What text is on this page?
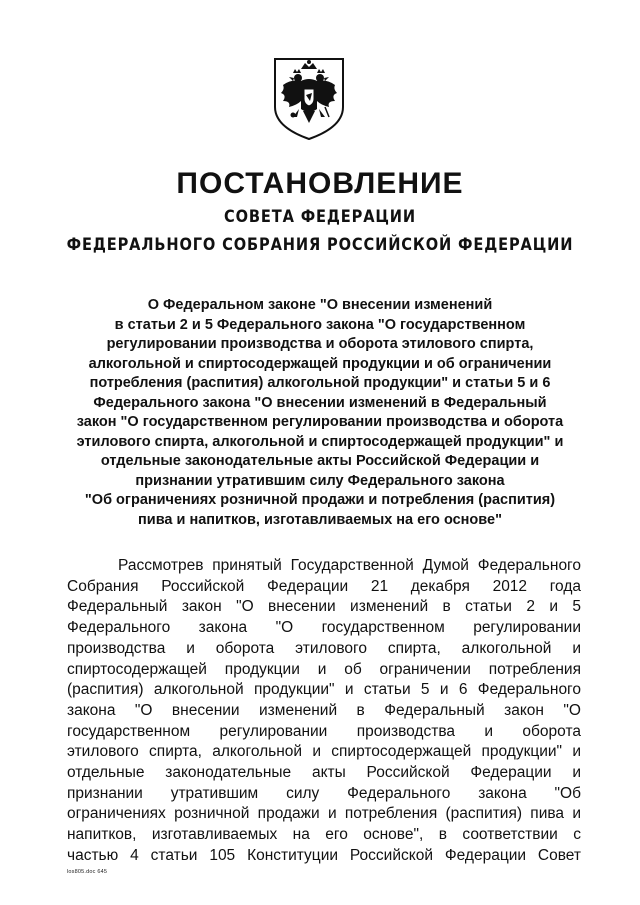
ПОСТАНОВЛЕНИЕ
СОВЕТА ФЕДЕРАЦИИ
ФЕДЕРАЛЬНОГО СОБРАНИЯ РОССИЙСКОЙ ФЕДЕРАЦИИ
О Федеральном законе "О внесении изменений
в статьи 2 и 5 Федерального закона "О государственном
регулировании производства и оборота этилового спирта,
алкогольной и спиртосодержащей продукции и об ограничении
потребления (распития) алкогольной продукции" и статьи 5 и 6
Федерального закона "О внесении изменений в Федеральный
закон "О государственном регулировании производства и оборота
этилового спирта, алкогольной и спиртосодержащей продукции" и
отдельные законодательные акты Российской Федерации и
признании утратившим силу Федерального закона
"Об ограничениях розничной продажи и потребления (распития)
пива и напитков, изготавливаемых на его основе"
Рассмотрев принятый Государственной Думой Федерального
Собрания Российской Федерации 21 декабря 2012 года
Федеральный закон "О внесении изменений в статьи 2 и 5
Федерального закона "О государственном регулировании
производства и оборота этилового спирта, алкогольной и
спиртосодержащей продукции и об ограничении потребления
(распития) алкогольной продукции" и статьи 5 и 6 Федерального
закона "О внесении изменений в Федеральный закон "О
государственном регулировании производства и оборота
этилового спирта, алкогольной и спиртосодержащей продукции" и
отдельные законодательные акты Российской Федерации и
признании утратившим силу Федерального закона "Об
ограничениях розничной продажи и потребления (распития) пива и
напитков, изготавливаемых на его основе", в соответствии с
частью 4 статьи 105 Конституции Российской Федерации Совет
los805.doc 645
